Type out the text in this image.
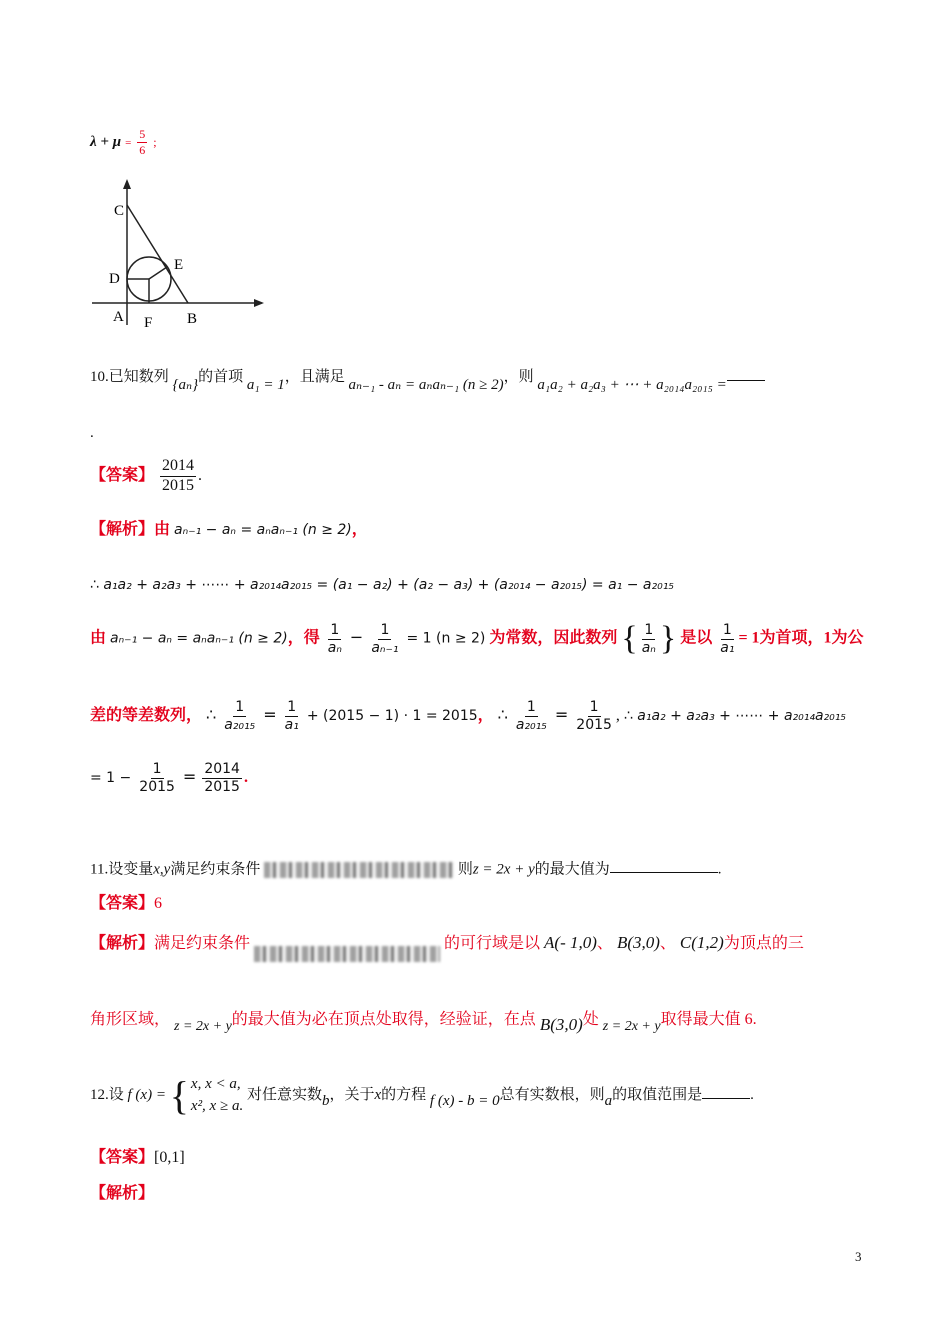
$\lambda + \mu = \frac{5}{6}$ ;
C
E
D
A F B
10.已知数列 {aₙ}的首项 a₁ = 1，且满足 aₙ₋₁ - aₙ = aₙaₙ₋₁ (n ≥ 2)，则 a₁a₂ + a₂a₃ + ⋯ + a₂₀₁₄a₂₀₁₅ =
.
【答案】 $\frac{2014}{2015}$ .
【解析】由 aₙ₋₁ − aₙ = aₙaₙ₋₁ (n ≥ 2)，
∴ a₁a₂ + a₂a₃ + ⋯⋯ + a₂₀₁₄a₂₀₁₅ = (a₁ − a₂) + (a₂ − a₃) + (a₂₀₁₄ − a₂₀₁₅) = a₁ − a₂₀₁₅
由 aₙ₋₁ − aₙ = aₙaₙ₋₁ (n ≥ 2)，得 $\frac{1}{\text{aₙ}} - \frac{1}{\text{aₙ₋₁}} = 1$ (n ≥ 2) 为常数，因此数列 { $\frac{1}{\text{aₙ}}$ } 是以 $\frac{1}{\text{a₁}} = 1$为首项，1为公
差的等差数列， ∴ $\frac{1}{\text{a₂₀₁₅}} = \frac{1}{\text{a₁}} + (2015 - 1) \cdot 1 = 2015$， ∴ $\frac{1}{\text{a₂₀₁₅}} = \frac{1}{2015}$ , ∴ a₁a₂ + a₂a₃ + ⋯⋯ + a₂₀₁₄a₂₀₁₅
= $1 - \frac{1}{2015} = \frac{2014}{2015}$ .
11.设变量x,y满足约束条件	则z = 2x + y的最大值为	.
【答案】6
【解析】满足约束条件	的可行域是以 A(- 1,0)、 B(3,0)、 C(1,2)为顶点的三
角形区域， z = 2x + y的最大值为必在顶点处取得，经验证，在点 B(3,0)处 z = 2x + y取得最大值 6.
12.设 f (x) = { x, x < a,
x², x ≥ a.
对任意实数b，关于x的方程 f (x) - b = 0总有实数根，则a的取值范围是	.
【答案】[0,1]
【解析】
3
